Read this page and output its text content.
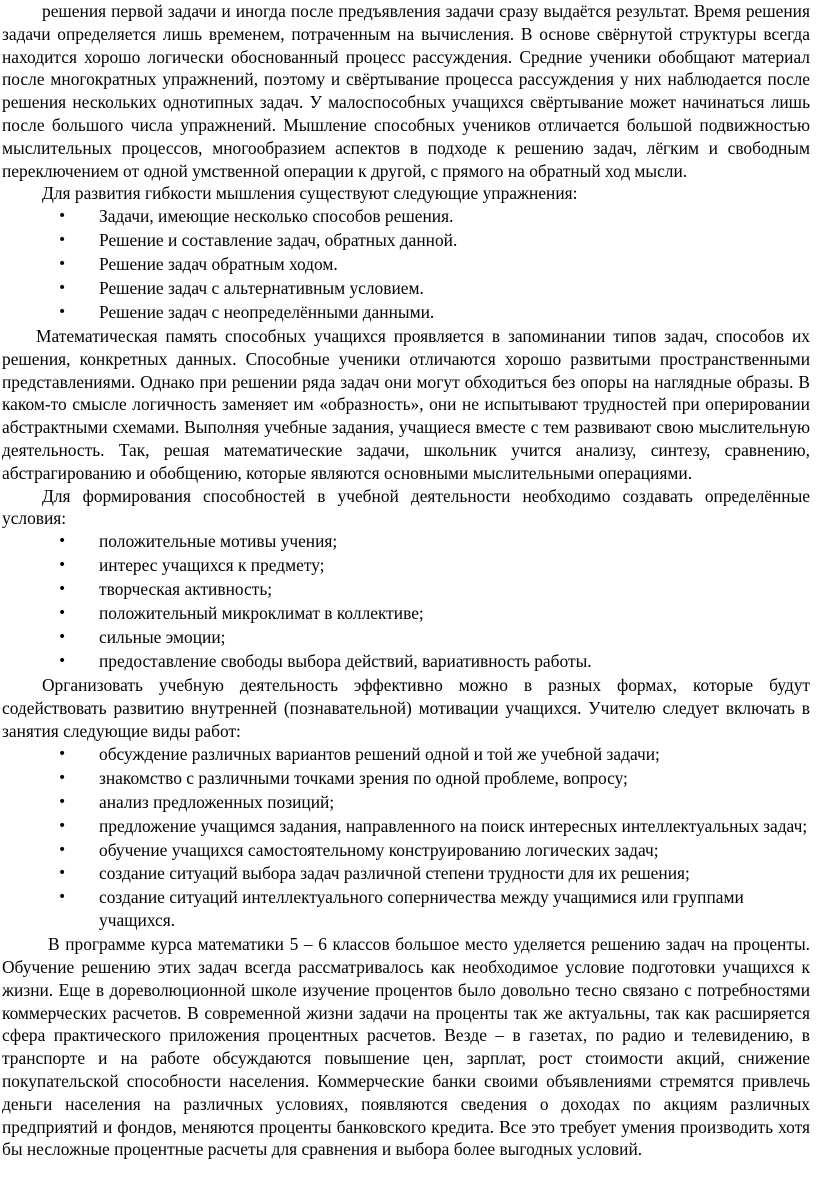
решения первой задачи и иногда после предъявления задачи сразу выдаётся результат. Время решения задачи определяется лишь временем, потраченным на вычисления. В основе свёрнутой структуры всегда находится хорошо логически обоснованный процесс рассуждения. Средние ученики обобщают материал после многократных упражнений, поэтому и свёртывание процесса рассуждения у них наблюдается после решения нескольких однотипных задач. У малоспособных учащихся свёртывание может начинаться лишь после большого числа упражнений. Мышление способных учеников отличается большой подвижностью мыслительных процессов, многообразием аспектов в подходе к решению задач, лёгким и свободным переключением от одной умственной операции к другой, с прямого на обратный ход мысли.

Для развития гибкости мышления существуют следующие упражнения:

• Задачи, имеющие несколько способов решения.
• Решение и составление задач, обратных данной.
• Решение задач обратным ходом.
• Решение задач с альтернативным условием.
• Решение задач с неопределёнными данными.

Математическая память способных учащихся проявляется в запоминании типов задач, способов их решения, конкретных данных. Способные ученики отличаются хорошо развитыми пространственными представлениями. Однако при решении ряда задач они могут обходиться без опоры на наглядные образы. В каком-то смысле логичность заменяет им «образность», они не испытывают трудностей при оперировании абстрактными схемами. Выполняя учебные задания, учащиеся вместе с тем развивают свою мыслительную деятельность. Так, решая математические задачи, школьник учится анализу, синтезу, сравнению, абстрагированию и обобщению, которые являются основными мыслительными операциями.

Для формирования способностей в учебной деятельности необходимо создавать определённые условия:

• положительные мотивы учения;
• интерес учащихся к предмету;
• творческая активность;
• положительный микроклимат в коллективе;
• сильные эмоции;
• предоставление свободы выбора действий, вариативность работы.

Организовать учебную деятельность эффективно можно в разных формах, которые будут содействовать развитию внутренней (познавательной) мотивации учащихся. Учителю следует включать в занятия следующие виды работ:

• обсуждение различных вариантов решений одной и той же учебной задачи;
• знакомство с различными точками зрения по одной проблеме, вопросу;
• анализ предложенных позиций;
• предложение учащимся задания, направленного на поиск интересных интеллектуальных задач;
• обучение учащихся самостоятельному конструированию логических задач;
• создание ситуаций выбора задач различной степени трудности для их решения;
• создание ситуаций интеллектуального соперничества между учащимися или группами учащихся.

В программе курса математики 5 – 6 классов большое место уделяется решению задач на проценты. Обучение решению этих задач всегда рассматривалось как необходимое условие подготовки учащихся к жизни. Еще в дореволюционной школе изучение процентов было довольно тесно связано с потребностями коммерческих расчетов. В современной жизни задачи на проценты так же актуальны, так как расширяется сфера практического приложения процентных расчетов. Везде – в газетах, по радио и телевидению, в транспорте и на работе обсуждаются повышение цен, зарплат, рост стоимости акций, снижение покупательской способности населения. Коммерческие банки своими объявлениями стремятся привлечь деньги населения на различных условиях, появляются сведения о доходах по акциям различных предприятий и фондов, меняются проценты банковского кредита. Все это требует умения производить хотя бы несложные процентные расчеты для сравнения и выбора более выгодных условий.
